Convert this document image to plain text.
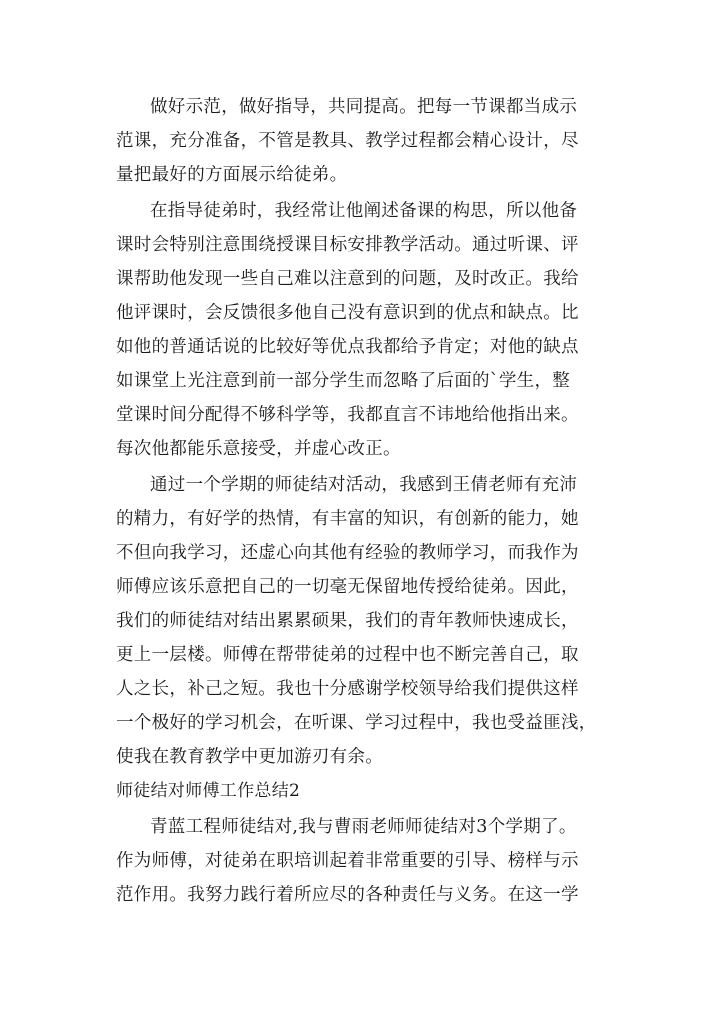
做好示范，做好指导，共同提高。把每一节课都当成示
范课，充分准备，不管是教具、教学过程都会精心设计，尽
量把最好的方面展示给徒弟。

在指导徒弟时，我经常让他阐述备课的构思，所以他备
课时会特别注意围绕授课目标安排教学活动。通过听课、评
课帮助他发现一些自己难以注意到的问题，及时改正。我给
他评课时，会反馈很多他自己没有意识到的优点和缺点。比
如他的普通话说的比较好等优点我都给予肯定；对他的缺点
如课堂上光注意到前一部分学生而忽略了后面的`学生，整
堂课时间分配得不够科学等，我都直言不讳地给他指出来。
每次他都能乐意接受，并虚心改正。

通过一个学期的师徒结对活动，我感到王倩老师有充沛
的精力，有好学的热情，有丰富的知识，有创新的能力，她
不但向我学习，还虚心向其他有经验的教师学习，而我作为
师傅应该乐意把自己的一切毫无保留地传授给徒弟。因此，
我们的师徒结对结出累累硕果，我们的青年教师快速成长，
更上一层楼。师傅在帮带徒弟的过程中也不断完善自己，取
人之长，补己之短。我也十分感谢学校领导给我们提供这样
一个极好的学习机会，在听课、学习过程中，我也受益匪浅，
使我在教育教学中更加游刃有余。

师徒结对师傅工作总结2

青蓝工程师徒结对,我与曹雨老师师徒结对3个学期了。
作为师傅，对徒弟在职培训起着非常重要的引导、榜样与示
范作用。我努力践行着所应尽的各种责任与义务。在这一学
